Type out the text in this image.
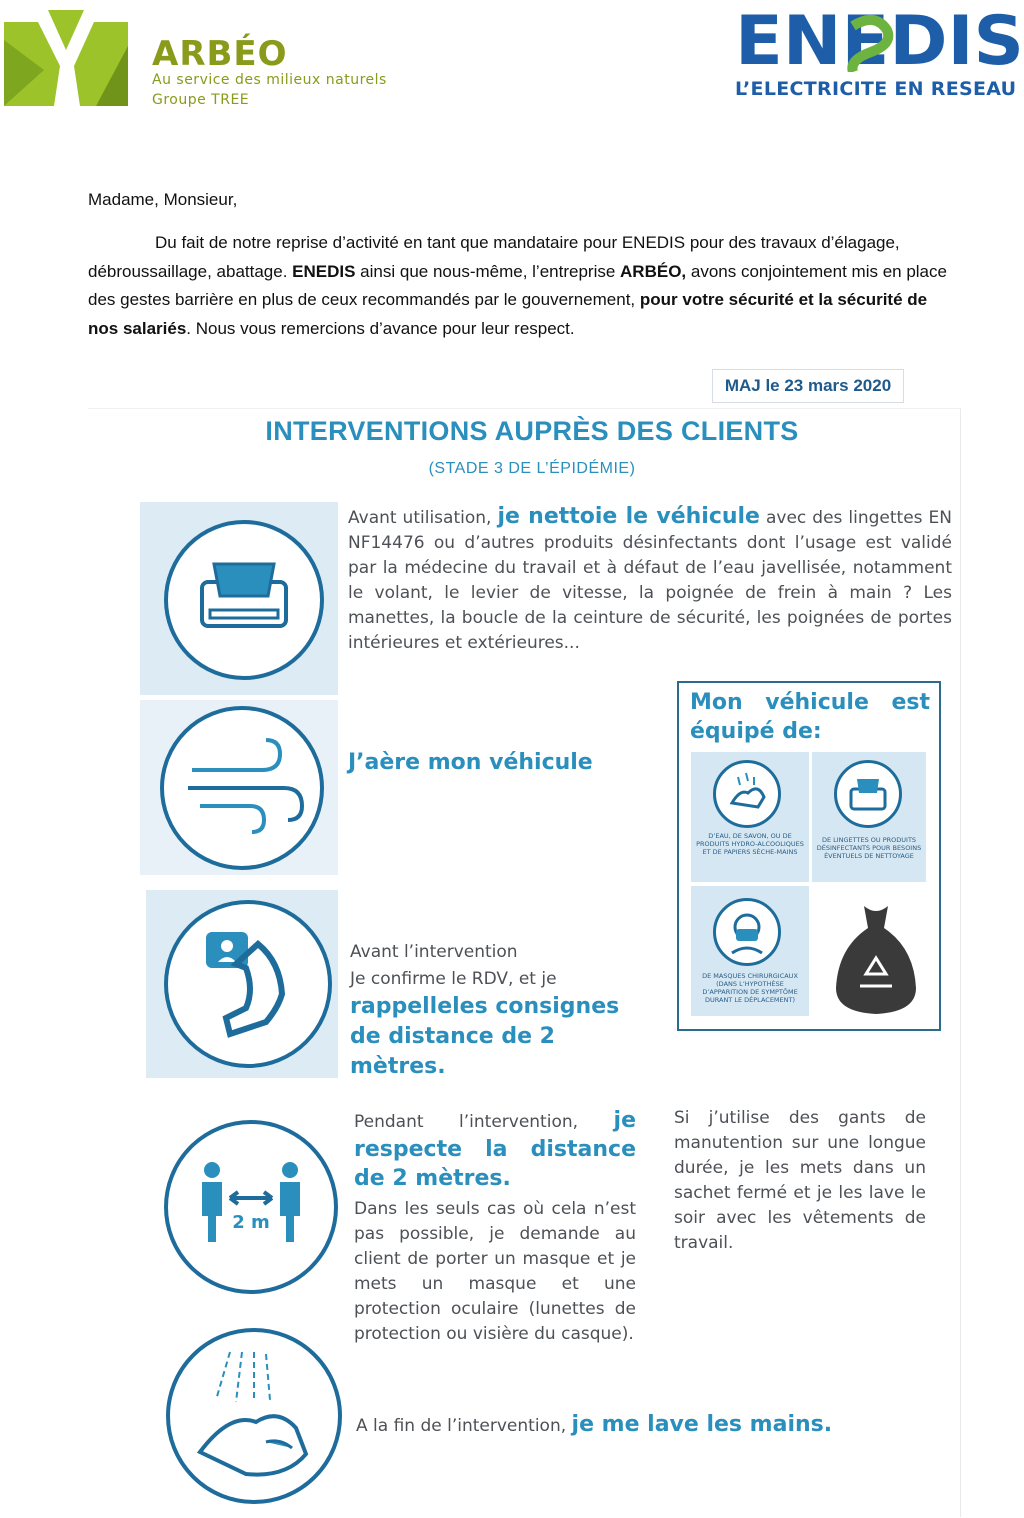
ARBÉO
Au service des milieux naturels
Groupe TREE
ENEDIS
L’ELECTRICITE EN RESEAU
Madame, Monsieur,
Du fait de notre reprise d’activité en tant que mandataire pour ENEDIS pour des travaux d’élagage, débroussaillage, abattage. ENEDIS ainsi que nous-même, l’entreprise ARBÉO, avons conjointement mis en place des gestes barrière en plus de ceux recommandés par le gouvernement, pour votre sécurité et la sécurité de nos salariés. Nous vous remercions d’avance pour leur respect.
MAJ le 23 mars 2020
INTERVENTIONS AUPRÈS DES CLIENTS
(STADE 3 DE L’ÉPIDÉMIE)
Avant utilisation, je nettoie le véhicule avec des lingettes EN NF14476 ou d’autres produits désinfectants dont l’usage est validé par la médecine du travail et à défaut de l’eau javellisée, notamment le volant, le levier de vitesse, la poignée de frein à main ? Les manettes, la boucle de la ceinture de sécurité, les poignées de portes intérieures et extérieures...
J’aère mon véhicule
Avant l’intervention
Je confirme le RDV, et je
rappelleles consignes de distance de 2 mètres.
Mon véhicule est équipé de:
D’EAU, DE SAVON, OU DE PRODUITS HYDRO-ALCOOLIQUES ET DE PAPIERS SÈCHE-MAINS
DE LINGETTES OU PRODUITS DÉSINFECTANTS POUR BESOINS ÉVENTUELS DE NETTOYAGE
DE MASQUES CHIRURGICAUX (DANS L’HYPOTHÈSE D’APPARITION DE SYMPTÔME DURANT LE DÉPLACEMENT)
2 m
Pendant l’intervention, je respecte la distance de 2 mètres.
Dans les seuls cas où cela n’est pas possible, je demande au client de porter un masque et je mets un masque et une protection oculaire (lunettes de protection ou visière du casque).
Si j’utilise des gants de manutention sur une longue durée, je les mets dans un sachet fermé et je les lave le soir avec les vêtements de travail.
A la fin de l’intervention, je me lave les mains.
